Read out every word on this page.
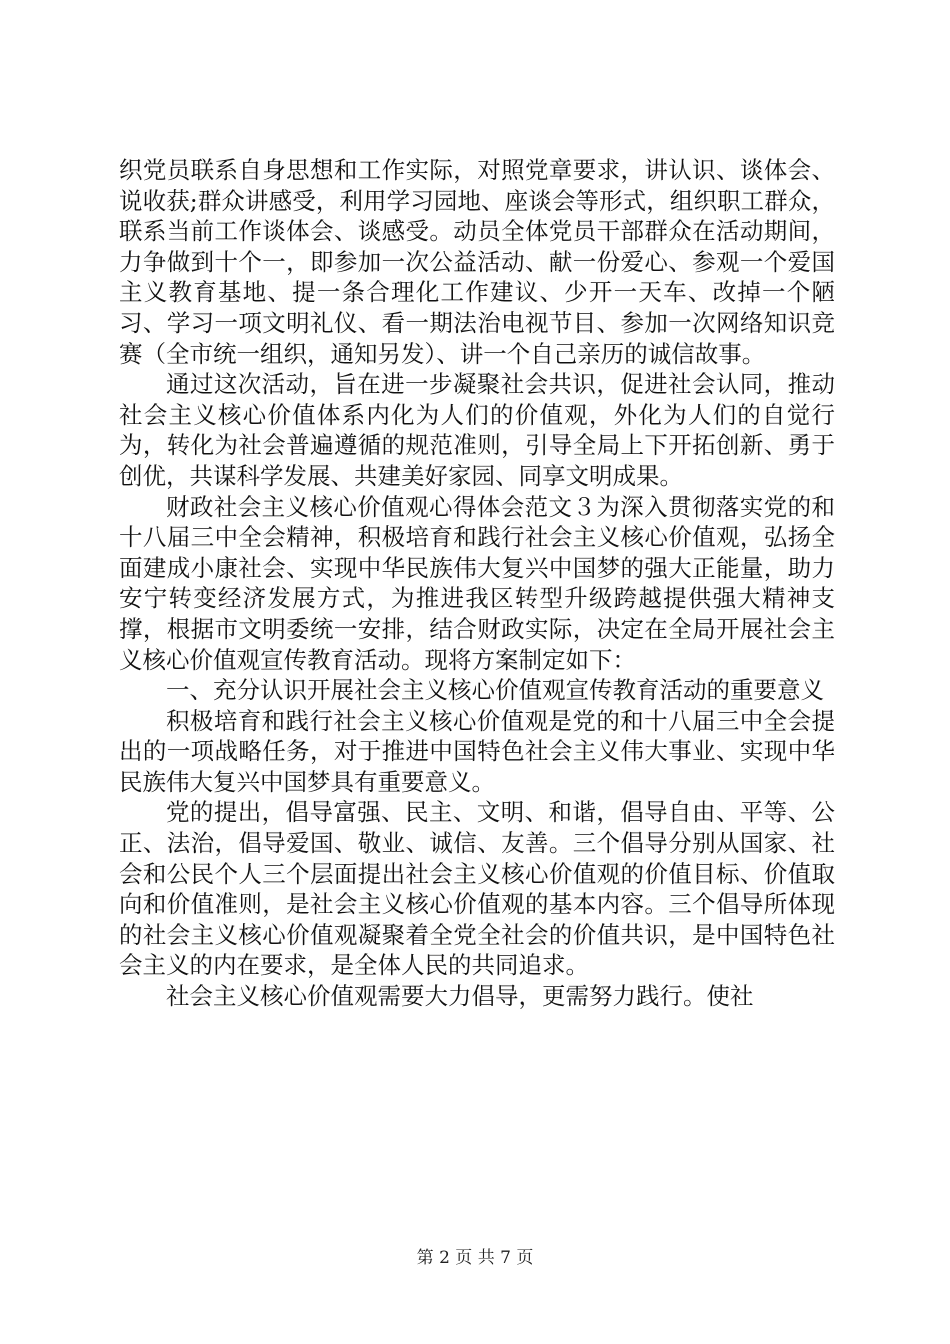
织党员联系自身思想和工作实际，对照党章要求，讲认识、谈体会、说收获;群众讲感受，利用学习园地、座谈会等形式，组织职工群众，联系当前工作谈体会、谈感受。动员全体党员干部群众在活动期间，力争做到十个一，即参加一次公益活动、献一份爱心、参观一个爱国主义教育基地、提一条合理化工作建议、少开一天车、改掉一个陋习、学习一项文明礼仪、看一期法治电视节目、参加一次网络知识竞赛（全市统一组织，通知另发）、讲一个自己亲历的诚信故事。

通过这次活动，旨在进一步凝聚社会共识，促进社会认同，推动社会主义核心价值体系内化为人们的价值观，外化为人们的自觉行为，转化为社会普遍遵循的规范准则，引导全局上下开拓创新、勇于创优，共谋科学发展、共建美好家园、同享文明成果。

财政社会主义核心价值观心得体会范文３为深入贯彻落实党的和十八届三中全会精神，积极培育和践行社会主义核心价值观，弘扬全面建成小康社会、实现中华民族伟大复兴中国梦的强大正能量，助力安宁转变经济发展方式，为推进我区转型升级跨越提供强大精神支撑，根据市文明委统一安排，结合财政实际，决定在全局开展社会主义核心价值观宣传教育活动。现将方案制定如下：

一、充分认识开展社会主义核心价值观宣传教育活动的重要意义

积极培育和践行社会主义核心价值观是党的和十八届三中全会提出的一项战略任务，对于推进中国特色社会主义伟大事业、实现中华民族伟大复兴中国梦具有重要意义。

党的提出，倡导富强、民主、文明、和谐，倡导自由、平等、公正、法治，倡导爱国、敬业、诚信、友善。三个倡导分别从国家、社会和公民个人三个层面提出社会主义核心价值观的价值目标、价值取向和价值准则，是社会主义核心价值观的基本内容。三个倡导所体现的社会主义核心价值观凝聚着全党全社会的价值共识，是中国特色社会主义的内在要求，是全体人民的共同追求。

社会主义核心价值观需要大力倡导，更需努力践行。使社

第 2 页 共 7 页
